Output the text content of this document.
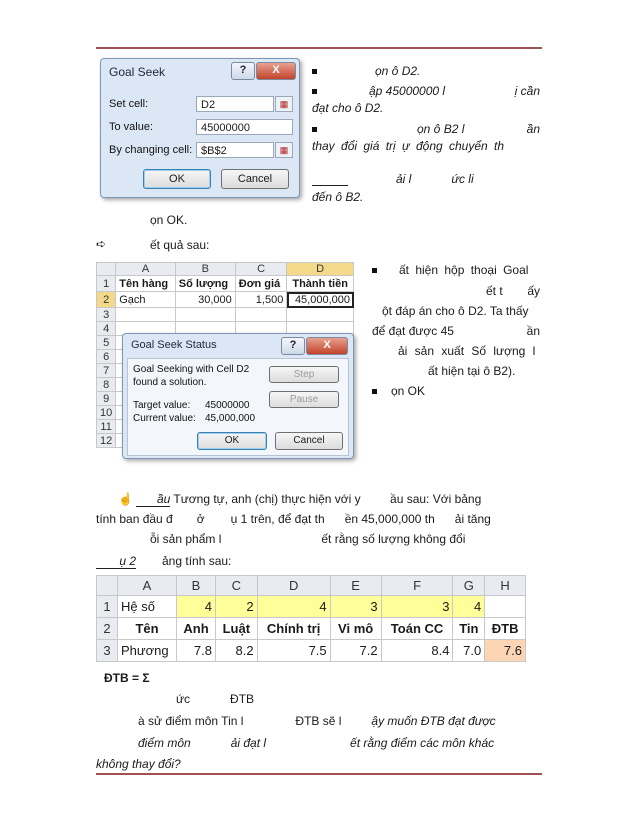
Goal Seek	?	X
Set cell:	D2	▦
To value:	45000000
By changing cell: $B$2	▦
OK	Cancel
ọn ô D2.
ập 45000000 l	ị cần
đạt cho ô D2.
ọn ô B2 l	ần
thay đổi giá trị ự động chuyển th
ải l	ức li
đến ô B2.
ọn OK.
➪	ết quả sau:
	A	B	C	D
1	Tên hàng	Số lượng	Đơn giá	Thành tiền
2	Gạch	30,000	1,500	45,000,000
3				
4				
5				
6				
7				
8				
9				
10				
11				
12				
Goal Seek Status	?	X
Goal Seeking with Cell D2
found a solution.
Step
Pause
Target value: 45000000
Current value: 45,000,000
OK	Cancel
ất hiện hộp thoại Goal
ết t ấy
ột đáp án cho ô D2. Ta thấy
để đạt được 45	ần
ải sản xuất Số lượng l
ất hiện tại ô B2).
ọn OK
☝ ầu Tương tự, anh (chị) thực hiện với y ầu sau: Với bảng
tính ban đầu đ ở ụ 1 trên, để đạt th ền 45,000,000 th ải tăng
ỗi sản phẩm l	ết rằng số lượng không đổi
ụ 2 ảng tính sau:
	A	B	C	D	E	F	G	H
1	Hệ số	4	2	4	3	3	4	
2	Tên	Anh	Luật	Chính trị	Vi mô	Toán CC	Tin	ĐTB
3	Phương	7.8	8.2	7.5	7.2	8.4	7.0	7.6
ĐTB = Σ
ức	ĐTB
à sử điểm môn Tin l	ĐTB sẽ l	ậy muốn ĐTB đạt được
điểm môn	ải đạt l	ết rằng điểm các môn khác
không thay đổi?
